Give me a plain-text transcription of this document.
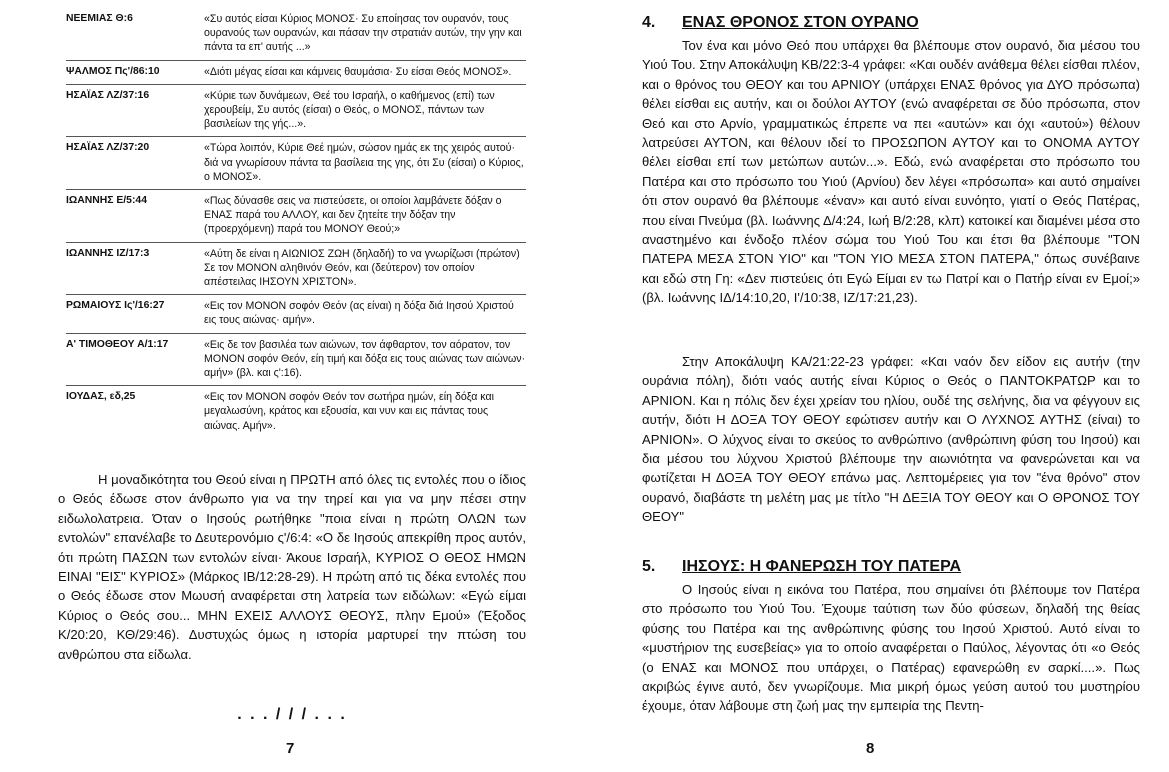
ΝΕΕΜΙΑΣ Θ:6	«Συ αυτός είσαι Κύριος ΜΟΝΟΣ· Συ εποίησας τον ουρανόν, τους ουρανούς των ουρανών, και πάσαν την στρατιάν αυτών, την γην και πάντα τα επ' αυτής ...»
ΨΑΛΜΟΣ Πς'/86:10	«Διότι μέγας είσαι και κάμνεις θαυμάσια· Συ είσαι Θεός ΜΟΝΟΣ».
ΗΣΑΪΑΣ ΛΖ/37:16	«Κύριε των δυνάμεων, Θεέ του Ισραήλ, ο καθήμενος (επί) των χερουβείμ, Συ αυτός (είσαι) ο Θεός, ο ΜΟΝΟΣ, πάντων των βασιλείων της γής...».
ΗΣΑΪΑΣ ΛΖ/37:20	«Τώρα λοιπόν, Κύριε Θεέ ημών, σώσον ημάς εκ της χειρός αυτού· διά να γνωρίσουν πάντα τα βασίλεια της γης, ότι Συ (είσαι) ο Κύριος, ο ΜΟΝΟΣ».
ΙΩΑΝΝΗΣ Ε/5:44	«Πως δύνασθε σεις να πιστεύσετε, οι οποίοι λαμβάνετε δόξαν ο ΕΝΑΣ παρά του ΑΛΛΟΥ, και δεν ζητείτε την δόξαν την (προερχόμενη) παρά του ΜΟΝΟΥ Θεού;»
ΙΩΑΝΝΗΣ ΙΖ/17:3	«Αύτη δε είναι η ΑΙΩΝΙΟΣ ΖΩΗ (δηλαδή) το να γνωρίζωσι (πρώτον) Σε τον ΜΟΝΟΝ αληθινόν Θεόν, και (δεύτερον) τον οποίον απέστειλας ΙΗΣΟΥΝ ΧΡΙΣΤΟΝ».
ΡΩΜΑΙΟΥΣ Ις'/16:27	«Εις τον ΜΟΝΟΝ σοφόν Θεόν (ας είναι) η δόξα διά Ιησού Χριστού εις τους αιώνας· αμήν».
Α' ΤΙΜΟΘΕΟΥ Α/1:17	«Εις δε τον βασιλέα των αιώνων, τον άφθαρτον, τον αόρατον, τον ΜΟΝΟΝ σοφόν Θεόν, είη τιμή και δόξα εις τους αιώνας των αιώνων· αμήν» (βλ. και ς':16).
ΙΟΥΔΑΣ, εδ,25	«Εις τον ΜΟΝΟΝ σοφόν Θεόν τον σωτήρα ημών, είη δόξα και μεγαλωσύνη, κράτος και εξουσία, και νυν και εις πάντας τους αιώνας. Αμήν».

Η μοναδικότητα του Θεού είναι η ΠΡΩΤΗ από όλες τις εντολές που ο ίδιος ο Θεός έδωσε στον άνθρωπο για να την τηρεί και για να μην πέσει στην ειδωλολατρεια. Όταν ο Ιησούς ρωτήθηκε "ποια είναι η πρώτη ΟΛΩΝ των εντολών" επανέλαβε το Δευτερονόμιο ς'/6:4: «Ο δε Ιησούς απεκρίθη προς αυτόν, ότι πρώτη ΠΑΣΩΝ των εντολών είναι· Άκουε Ισραήλ, ΚΥΡΙΟΣ Ο ΘΕΟΣ ΗΜΩΝ ΕΙΝΑΙ "ΕΙΣ" ΚΥΡΙΟΣ» (Μάρκος ΙΒ/12:28-29). Η πρώτη από τις δέκα εντολές που ο Θεός έδωσε στον Μωυσή αναφέρεται στη λατρεία των ειδώλων: «Εγώ είμαι Κύριος ο Θεός σου... ΜΗΝ ΕΧΕΙΣ ΑΛΛΟΥΣ ΘΕΟΥΣ, πλην Εμού» (Έξοδος Κ/20:20, ΚΘ/29:46). Δυστυχώς όμως η ιστορία μαρτυρεί την πτώση του ανθρώπου στα είδωλα.

. . . / / / . . .
7
4. ΕΝΑΣ ΘΡΟΝΟΣ ΣΤΟΝ ΟΥΡΑΝΟ

Τον ένα και μόνο Θεό που υπάρχει θα βλέπουμε στον ουρανό, δια μέσου του Υιού Του. Στην Αποκάλυψη ΚΒ/22:3-4 γράφει: «Και ουδέν ανάθεμα θέλει είσθαι πλέον, και ο θρόνος του ΘΕΟΥ και του ΑΡΝΙΟΥ (υπάρχει ΕΝΑΣ θρόνος για ΔΥΟ πρόσωπα) θέλει είσθαι εις αυτήν, και οι δούλοι ΑΥΤΟΥ (ενώ αναφέρεται σε δύο πρόσωπα, στον Θεό και στο Αρνίο, γραμματικώς έπρεπε να πει «αυτών» και όχι «αυτού») θέλουν λατρεύσει ΑΥΤΟΝ, και θέλουν ιδεί το ΠΡΟΣΩΠΟΝ ΑΥΤΟΥ και το ΟΝΟΜΑ ΑΥΤΟΥ θέλει είσθαι επί των μετώπων αυτών...». Εδώ, ενώ αναφέρεται στο πρόσωπο του Πατέρα και στο πρόσωπο του Υιού (Αρνίου) δεν λέγει «πρόσωπα» και αυτό σημαίνει ότι στον ουρανό θα βλέπουμε «έναν» και αυτό είναι ευνόητο, γιατί ο Θεός Πατέρας, που είναι Πνεύμα (βλ. Ιωάννης Δ/4:24, Ιωή Β/2:28, κλπ) κατοικεί και διαμένει μέσα στο αναστημένο και ένδοξο πλέον σώμα του Υιού Του και έτσι θα βλέπουμε "ΤΟΝ ΠΑΤΕΡΑ ΜΕΣΑ ΣΤΟΝ ΥΙΟ" και "ΤΟΝ ΥΙΟ ΜΕΣΑ ΣΤΟΝ ΠΑΤΕΡΑ," όπως συνέβαινε και εδώ στη Γη: «Δεν πιστεύεις ότι Εγώ Είμαι εν τω Πατρί και ο Πατήρ είναι εν Εμοί;» (βλ. Ιωάννης ΙΔ/14:10,20, Ι'/10:38, ΙΖ/17:21,23).

Στην Αποκάλυψη ΚΑ/21:22-23 γράφει: «Και ναόν δεν είδον εις αυτήν (την ουράνια πόλη), διότι ναός αυτής είναι Κύριος ο Θεός ο ΠΑΝΤΟΚΡΑΤΩΡ και το ΑΡΝΙΟΝ. Και η πόλις δεν έχει χρείαν του ηλίου, ουδέ της σελήνης, δια να φέγγουν εις αυτήν, διότι Η ΔΟΞΑ ΤΟΥ ΘΕΟΥ εφώτισεν αυτήν και Ο ΛΥΧΝΟΣ ΑΥΤΗΣ (είναι) το ΑΡΝΙΟΝ». Ο λύχνος είναι το σκεύος το ανθρώπινο (ανθρώπινη φύση του Ιησού) και δια μέσου του λύχνου Χριστού βλέπουμε την αιωνιότητα να φανερώνεται και να φωτίζεται Η ΔΟΞΑ ΤΟΥ ΘΕΟΥ επάνω μας. Λεπτομέρειες για τον "ένα θρόνο" στον ουρανό, διαβάστε τη μελέτη μας με τίτλο "Η ΔΕΞΙΑ ΤΟΥ ΘΕΟΥ και Ο ΘΡΟΝΟΣ ΤΟΥ ΘΕΟΥ"

5. ΙΗΣΟΥΣ: Η ΦΑΝΕΡΩΣΗ ΤΟΥ ΠΑΤΕΡΑ

Ο Ιησούς είναι η εικόνα του Πατέρα, που σημαίνει ότι βλέπουμε τον Πατέρα στο πρόσωπο του Υιού Του. Έχουμε ταύτιση των δύο φύσεων, δηλαδή της θείας φύσης του Πατέρα και της ανθρώπινης φύσης του Ιησού Χριστού. Αυτό είναι το «μυστήριον της ευσεβείας» για το οποίο αναφέρεται ο Παύλος, λέγοντας ότι «ο Θεός (ο ΕΝΑΣ και ΜΟΝΟΣ που υπάρχει, ο Πατέρας) εφανερώθη εν σαρκί....». Πως ακριβώς έγινε αυτό, δεν γνωρίζουμε. Μια μικρή όμως γεύση αυτού του μυστηρίου έχουμε, όταν λάβουμε στη ζωή μας την εμπειρία της Πεντη-

8
